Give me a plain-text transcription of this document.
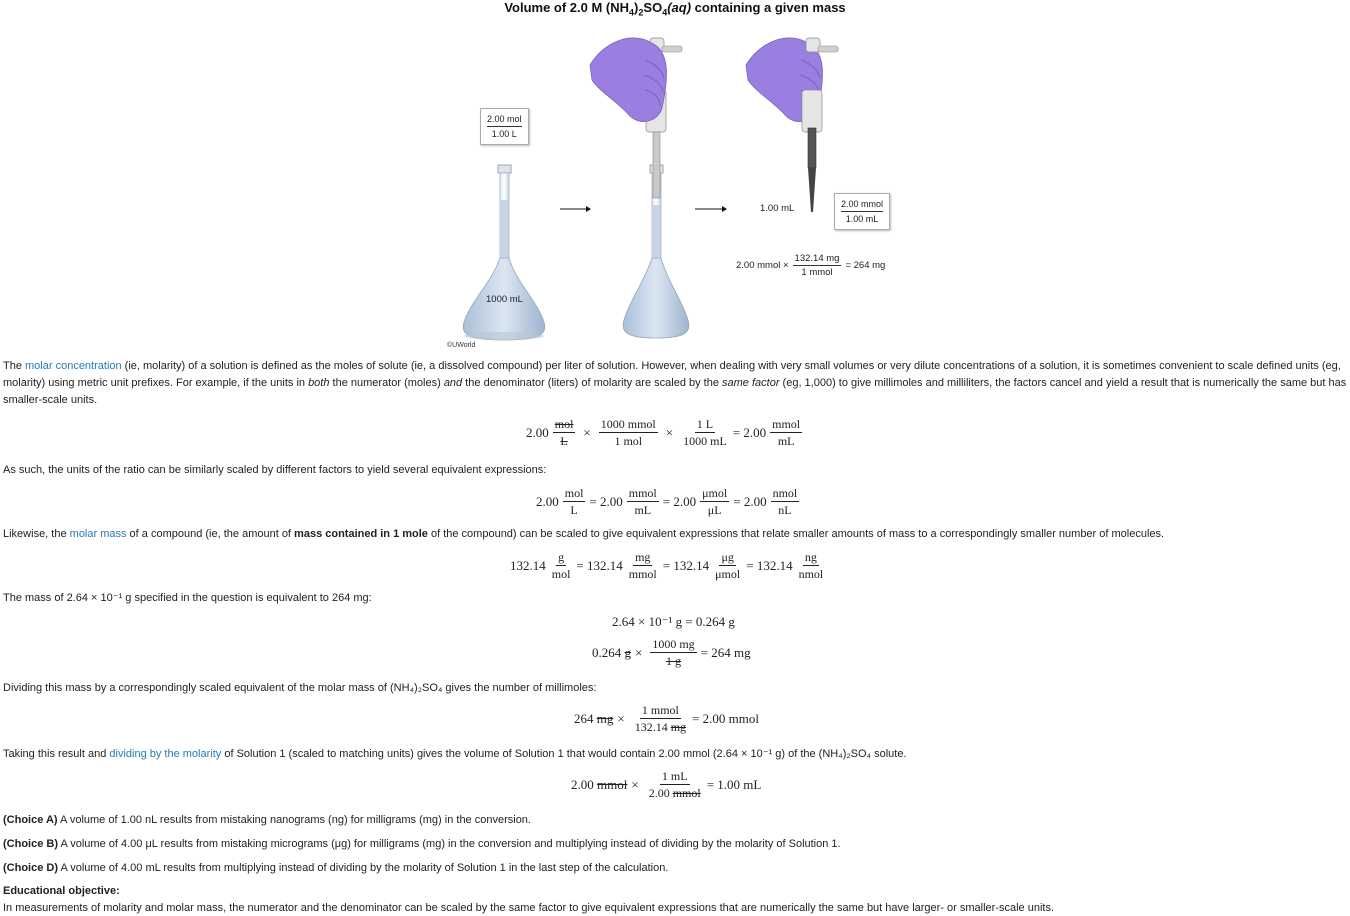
Volume of 2.0 M $(NH_4)_2SO_4(aq)$ containing a given mass
2.00 mol
1.00 L
1000 mL
1.00 mL	2.00 mmol
1.00 mL
2.00 mmol ×
132.14 mg
1 mmol
= 264 mg
©UWorld
The molar concentration (ie, molarity) of a solution is defined as the moles of solute (ie, a dissolved compound) per liter of solution. However, when dealing with very small volumes or very dilute concentrations of a solution, it is sometimes convenient to scale defined units (eg, molarity) using metric unit prefixes. For example, if the units in both the numerator (moles) and the denominator (liters) of molarity are scaled by the same factor (eg, 1,000) to give millimoles and milliliters, the factors cancel and yield a result that is numerically the same but has smaller-scale units.
$2.00 \frac{\text{mol}}{L} \times \frac{\text{1000 mmol}}{\text{1 mol}} \times \frac{1 L}{1000 mL} = 2.00 \frac{\text{mmol}}{mL}$
As such, the units of the ratio can be similarly scaled by different factors to yield several equivalent expressions:
$2.00 \frac{\text{mol}}{L} = 2.00 \frac{\text{mmol}}{mL} = 2.00 \frac{\text{μmol}}{\mu L} = 2.00 \frac{\text{nmol}}{nL}$
Likewise, the molar mass of a compound (ie, the amount of mass contained in 1 mole of the compound) can be scaled to give equivalent expressions that relate smaller amounts of mass to a correspondingly smaller number of molecules.
$132.14 \frac{g}{\text{mol}} = 132.14 \frac{mg}{\text{mmol}} = 132.14 \frac{\mu g}{\text{μmol}} = 132.14 \frac{ng}{\text{nmol}}$
The mass of 2.64 × 10⁻¹ g specified in the question is equivalent to 264 mg:
2.64 × 10⁻¹ g = 0.264 g
0.264
$g \times \frac{1000 mg}{1 g} = 264$ mg
Dividing this mass by a correspondingly scaled equivalent of the molar mass of (NH₄)₂SO₄ gives the number of millimoles:
264
mg × $\frac{\text{1 mmol}}{132.14 mg} = 2.00$ mmol
Taking this result and dividing by the molarity of Solution 1 (scaled to matching units) gives the volume of Solution 1 that would contain 2.00 mmol (2.64 × 10⁻¹ g) of the (NH₄)₂SO₄ solute.
2.00
mmol × $\frac{1 mL}{\text{2.00 mmol}} = 1.00$ mL
(Choice A) A volume of 1.00 nL results from mistaking nanograms (ng) for milligrams (mg) in the conversion.
(Choice B) A volume of 4.00 μL results from mistaking micrograms (μg) for milligrams (mg) in the conversion and multiplying instead of dividing by the molarity of Solution 1.
(Choice D) A volume of 4.00 mL results from multiplying instead of dividing by the molarity of Solution 1 in the last step of the calculation.
Educational objective:
In measurements of molarity and molar mass, the numerator and the denominator can be scaled by the same factor to give equivalent expressions that are numerically the same but have larger- or smaller-scale units.
